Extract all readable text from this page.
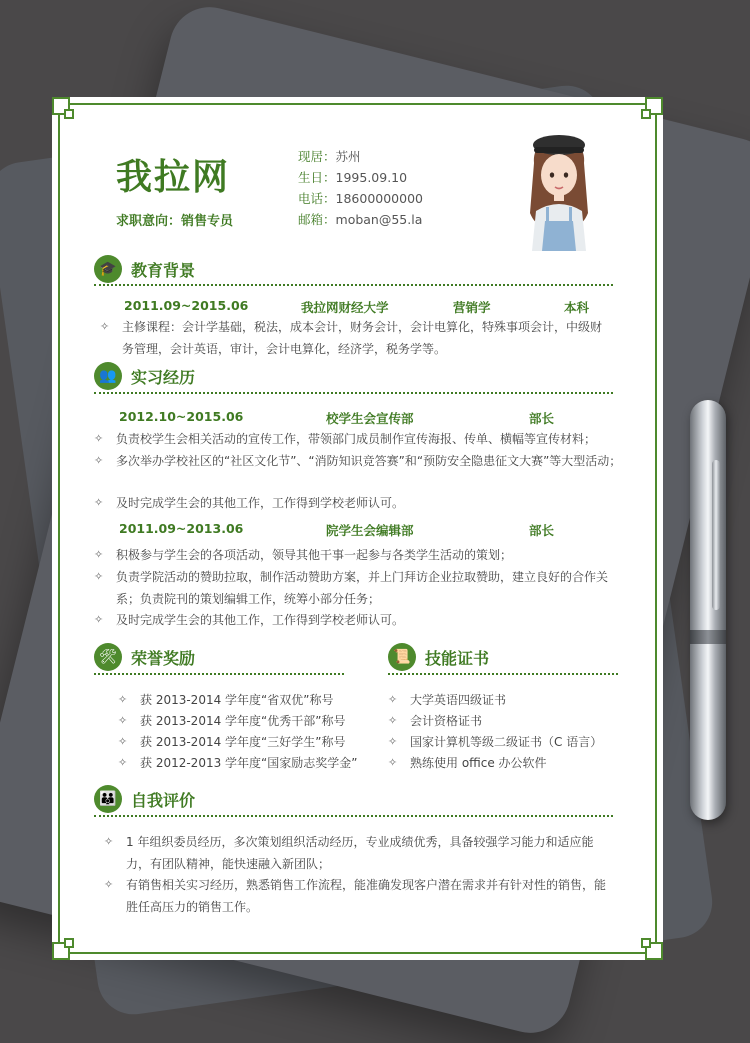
我拉网
求职意向：销售专员
现居：苏州
生日：1995.09.10
电话：18600000000
邮箱：moban@55.la
🎓 教育背景
2011.09~2015.06	我拉网财经大学	营销学	本科
✧	主修课程：会计学基础，税法，成本会计，财务会计，会计电算化，特殊事项会计，中级财务管理，会计英语，审计，会计电算化，经济学，税务学等。
👥 实习经历
2012.10~2015.06	校学生会宣传部	部长
✧	负责校学生会相关活动的宣传工作，带领部门成员制作宣传海报、传单、横幅等宣传材料；
✧	多次举办学校社区的“社区文化节”、“消防知识竞答赛”和“预防安全隐患征文大赛”等大型活动；
✧	及时完成学生会的其他工作，工作得到学校老师认可。
2011.09~2013.06	院学生会编辑部	部长
✧	积极参与学生会的各项活动，领导其他干事一起参与各类学生活动的策划；
✧	负责学院活动的赞助拉取，制作活动赞助方案，并上门拜访企业拉取赞助，建立良好的合作关系；负责院刊的策划编辑工作，统筹小部分任务；
✧	及时完成学生会的其他工作，工作得到学校老师认可。
🛠 荣誉奖励
✧	获 2013-2014 学年度“省双优”称号
✧	获 2013-2014 学年度“优秀干部”称号
✧	获 2013-2014 学年度“三好学生”称号
✧	获 2012-2013 学年度“国家励志奖学金”
📜 技能证书
✧	大学英语四级证书
✧	会计资格证书
✧	国家计算机等级二级证书（C 语言）
✧	熟练使用 office 办公软件
👪 自我评价
✧	1 年组织委员经历，多次策划组织活动经历，专业成绩优秀，具备较强学习能力和适应能力，有团队精神，能快速融入新团队；
✧	有销售相关实习经历，熟悉销售工作流程，能准确发现客户潜在需求并有针对性的销售，能胜任高压力的销售工作。
